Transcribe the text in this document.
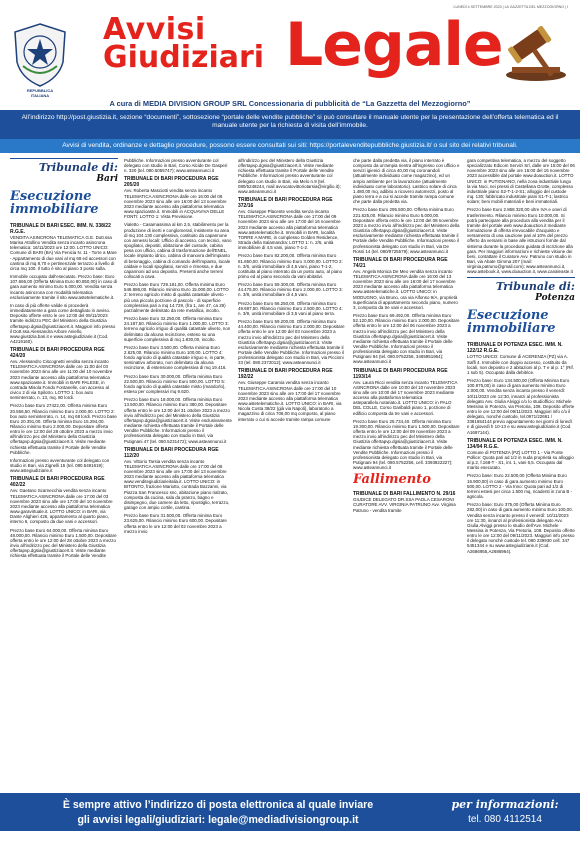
LUNEDÌ 4 SETTEMBRE 2023 | LA GAZZETTA DEL MEZZOGIORNO | I
REPUBBLICA ITALIANA
Avvisi
Giudiziari Legale
A cura di MEDIA DIVISION GROUP SRL Concessionaria di pubblicità de “La Gazzetta del Mezzogiorno”
All’indirizzo http://post.giustizia.it, sezione “documenti”, sottosezione “portale delle vendite pubbliche” si può consultare il manuale utente per la presentazione dell’offerta telematica ed il manuale utente per la richiesta di visita dell’immobile.
Avvisi di vendita, ordinanze e dettaglio procedure, possono essere consultati sui siti: https://portalevenditepubbliche.giustizia.it/ o sul sito dei relativi tribunali.
Tribunale di:
Bari
Esecuzione immobiliare

TRIBUNALE DI BARI ESEC. IMM. N. 338/22 R.G.E.
VENDITA ASINCRONA TELEMATICA G.E. Dott.ssa Marisa Attollino Vendita senza incanto asincrona telematica: 16/11/2023 ore 12:00. LOTTO UNICO: Comune di BARI (BA) Via Fenicia N. 11 - Torre a Mare - Appartamento di due vani al mq 69 ed accessori con cantina di mq 8,70 e pertinenziale terrazzo a livello di circa mq 100. Il tutto è sito al piano 3 posto sulla.

Immobile occupato dall'esecutato. Prezzo base: Euro 107.666,00 (Offerta Minima Euro 80.850,00) in caso di gara aumento minimo Euro 5.000,00. Vendita senza incanto asincrona con modalità telematica esclusivamente tramite il sito www.astetelematiche.it.

In caso di più offerte valide si procederà immediatamente a gara come dettagliato in avviso. Deposito offerte entro le ore 12:00 del 09/11/2023 tramite indirizzo PEC del Ministero della Giustizia offertapvp.dgsia@giustiziacert.it. Maggiori info presso il Dott.ssa Alessandra Arbore Aniello, www.giustizia.bari.it e www.astegiudiziarie.it (Cod. A4219160).

TRIBUNALE DI BARI PROCEDURA RGE 424/20
Avv. Alessandro Ciscognetti vendita senza incanto TELEMATICA ASINCRONA dalle ore 11:00 del 03 novembre 2023 sino alle ore 11:00 del 10 novembre 2023 mediante accesso alla piattaforma telematica www.spazioaste.it. Immobili in BARI PALESE, in contrada Misola Fondo Fontanelle, con accesso al civico 2 di via Spilotro. LOTTO 1: box auto seminterrato, n. 13, mq. 80 lordi.

Prezzo base Euro 27422,00. Offerta minima Euro 20.566,50. Rilancio minimo Euro 2.000,00. LOTTO 2: box auto seminterrato, n. 14, mq 68 lordi. Prezzo base Euro 20.391,00. Offerta minima Euro 15.294,00. Rilancio minimo Euro 2.000,00. Depositare offerta entro le ore 12:00 del 28 ottobre 2023 a mezzo invio all'indirizzo pec del Ministero della Giustizia offertapvp.dgsia@giustiziacert.it. Visite mediante richiesta effettuata tramite il Portale delle Vendite Pubbliche.

Informazioni presso avventurante col delegato con studio in Bari, via Zignelli 15 (tel. 080.5491619); www.astegiudiziarie.it

TRIBUNALE DI BARI PROCEDURA RGE 402/22
Avv. Gaetano Scarnecchia vendita senza incanto TELEMATICA ASINCRONA dalle ore 17:00 del 03 novembre 2023 sino alle ore 17:00 del 10 novembre 2023 mediante accesso alla piattaforma telematica www.garavirtuale.it. LOTTO UNICO: in BARI, via Dante Alighieri 426, appartamento al quarto piano, interno 6, composto da due vani e accessori.

Prezzo base Euro 64.000,00. Offerta minima Euro 48.000,00. Rilancio minimo Euro 1.500,00. Depositare offerta entro le ore 12:00 del 28 ottobre 2023 a mezzo invio all'indirizzo pec del Ministero della Giustizia offertapvp.dgsia@giustiziacert.it. Visite mediante richiesta effettuata tramite il Portale delle Vendite

Pubbliche. Informazioni presso avventurante col delegato con studio in Bari, Corso Alcide De Gasperi n. 320 (tel. 080.5055747); www.asteannunci.it

TRIBUNALE DI BARI PROCEDURA RGE 205/20
Avv. Roberta Masciotti vendita senza incanto TELEMATICA ASINCRONA dalle ore 16:00 del 06 novembre 2023 sino alle ore 16:00 del 13 novembre 2023 mediante accesso alla piattaforma telematica www.spazioaste.it. Immobili in ACQUAVIVA DELLE FONTI: LOTTO 1: Vista Previsione.

Vialetto - Casamassima al km 2,5, stabilimento per la produzione di inerti e conglomerati, insistente su area di mq 104.130 complessiva, costituito da capannone con annessi locali: Ufficio di accesso, con tecnici, vano spogliatoi, depositi, abitazione del custode, cabina pesa con ufficio, cabina di trasformazione dell'ENEL, locale impianto idrico, cabina di manovra dell'impianto di betonaggio, cabina di comando dell'impianto, locale caldaie e locali spogliatoi, servizi e rimessa, e due capannoni ad uso deposito. Presenti anche terreni collocati a cava.

Prezzo base Euro 729.181,00. Offerta minima Euro 546.886,00. Rilancio minimo Euro 15.000,00. LOTTO 2: terreno agricolo misto di qualità catastale uliveto - più una piccola porzione di pascolo - di superficie complessiva pari a mq 14.729, (fra 1, are 47, ca 29) parzialmente delimitato da rete metallica, incolto.

Prezzo base Euro 32.250,00. Offerta minima Euro 24.187,50. Rilancio minimo Euro 1.000,00. LOTTO 3: terreno agricolo irriguo di qualità catastale uliveto, non delimitato da alcuna recinzione, esteso su una superficie complessiva di mq 1.830,00, incolto.

Prezzo base Euro 3.500,00. Offerta minima Euro 2.625,00. Rilancio minimo Euro 100,00. LOTTO 4: fondo agricolo di qualità catastale irriguo e, in parte, seminativo arborato, non delimitato da alcuna recinzione, di estensione complessiva di mq 19.416.

Prezzo base Euro 30.000,00. Offerta minima Euro 22.500,00. Rilancio minimo Euro 500,00. LOTTO 5: fondo agricolo di qualità catastale misto (mandorlo), esteso per complessivi mq 9.620.

Prezzo base Euro 18.000,00. Offerta minima Euro 13.500,00. Rilancio minimo Euro 380,00. Depositare offerta entro le ore 12:00 del 31 ottobre 2023 a mezzo invio all'indirizzo pec del Ministero della Giustizia offertapvp.dgsia@giustiziacert.it. Visite esclusivamente mediante richiesta effettuata tramite il Portale delle Vendite Pubbliche. Informazioni presso il professionista delegato con studio in Bari, via Putignani 47 (tel. 080.5231472); www.asteannunci.it

TRIBUNALE DI BARI PROCEDURA RGE 112/20
Avv. Vittorio Tarsia vendita senza incanto TELEMATICA ASINCRONA dalle ore 17:00 del 06 novembre 2023 sino alle ore 17:00 del 13 novembre 2023 mediante accesso alla piattaforma telematica www.venditegiudiziarieitalia.it. LOTTO UNICO: in BITONTO, frazione Mariotto, contrada Bazzanni, via Piazza San Francesco snc, abitazione piano rialzato, composta da cucina, sala da pranzo, bagno e disimpegno, due camere da letto, ripostiglio, terrazzo, garage con ampio cortile, cantina.

Prezzo base Euro 31.500,00. Offerta minima Euro 23.625,00. Rilancio minimo Euro 600,00. Depositare offerta entro le ore 12:00 del 02 novembre 2023 a mezzo invio

all'indirizzo pec del Ministero della Giustizia offertapvp.dgsia@giustiziacert.it. Visite mediante richiesta effettuata tramite il Portale delle Vendite Pubbliche. Informazioni presso avventurante col delegato con studio in Bari, via Melo n.9 (tel. 080/5248244, mail avvocatovittoriotarsia@virgilio.it); www.asteannunci.it

TRIBUNALE DI BARI PROCEDURA RGE 372/16
Avv. Giuseppe Placente vendita senza incanto TELEMATICA ASINCRONA dalle ore 17:00 del 09 novembre 2023 sino alle ore 17:00 del 16 novembre 2023 mediante accesso alla piattaforma telematica www.astetelematiche.it. Immobili in BARI, località TORRE A MARE, in complesso Golden Residence, Strada della Salamandra: LOTTO 1: n. 2/5, unità immobiliare di 4,5 vani, piano T-1-2.

Prezzo base Euro 82.200,00. Offerta minima Euro 61.650,00. Rilancio minimo Euro 3.000,00. LOTTO 2: n. 3/6, unità immobiliare di 4,5 vani, piano T-1-2, costituita al piano interrato da un posto auto, al piano primo ed al piano secondo da vani abitativi.

Prezzo base Euro 59.300,00. Offerta minima Euro 44.475,00. Rilancio minimo Euro 2.000,00. LOTTO 3: n. 3/8, unità immobiliare di 4,5 vani.

Prezzo base Euro 66.250,00. Offerta minima Euro 49.687,50. Rilancio minimo Euro 2.500,00. LOTTO 4: n. 3/9, unità immobiliare di 3,5 vani al piano terra.

Prezzo base Euro 59.200,00. Offerta minima Euro 44.400,00. Rilancio minimo Euro 2.000,00. Depositare offerta entro le ore 12:00 del 03 novembre 2023 a mezzo invio all'indirizzo pec del Ministero della Giustizia offertapvp.dgsia@giustiziacert.it. Visite esclusivamente mediante richiesta effettuata tramite il Portale delle Vendite Pubbliche. Informazioni presso il professionista delegato con studio in Bari, via Piccinni 33 (tel. 080.2372012); www.asteannunci.it

TRIBUNALE DI BARI PROCEDURA RGE 192/22
Avv. Giuseppe Caramia vendita senza incanto TELEMATICA ASINCRONA dalle ore 17:00 del 10 novembre 2023 sino alle ore 17:00 del 17 novembre 2023 mediante accesso alla piattaforma telematica www.astetelematiche.it. LOTTO UNICO: in BARI, via Nicola Costa 38/22 (già via Napoli), laboratorio a magazzino di circa 706,00 mq composto, al piano interrato o cui si accede tramite rampa comune

che parte dalla predetta via, il piano interrato è composto da un'ampia rientra all'ingresso con ufficio e servizi igienici di circa 40,00 mq coronandoli (attualmente individuato come magazzino), ed un ampio ambiente per la lavorazione (attualmente individuato come laboratorio). Lastrico solare di circa 1.480,00 mq, adibito a ricovero automezzi, posto al piano terra e a cui si accede tramite rampa comune che parte dalla predetta via.

Prezzo base Euro 295.500,00. Offerta minima Euro 221.625,00. Rilancio minimo Euro 5.000,00. Depositare offerta entro le ore 12:00 del 08 novembre 2023 a mezzo invio all'indirizzo pec del Ministero della Giustizia offertapvp.dgsia@giustiziacert.it. Visite esclusivamente mediante richiesta effettuata tramite il Portale delle Vendite Pubbliche. Informazioni presso il professionista delegato con studio in Bari, via De Rossi 14 (tel. 080/9725579); www.asteannunci.it

TRIBUNALE DI BARI PROCEDURA RGE 74/21
Avv. Angela Monica De Meo vendita senza incanto TELEMATICA ASINCRONA dalle ore 16:00 del 13 novembre 2023 sino alle ore 16:00 del 17 novembre 2023 mediante accesso alla piattaforma telematica www.astetelematiche.it. LOTTO UNICO: in MODUGNO, via Bruno, ora via Alfonso 9/A, proprietà superficiaria di appartamento secondo piano, numero 3, composto da tre vani e accessori.

Prezzo base Euro 69.492,00. Offerta minima Euro 52.120,00. Rilancio minimo Euro 2.000,00. Depositare offerta entro le ore 12:00 del 06 novembre 2023 a mezzo invio all'indirizzo pec del Ministero della Giustizia offertapvp.dgsia@giustiziacert.it. Visite mediante richiesta effettuata tramite il Portale delle Vendite Pubbliche. Informazioni presso il professionista delegato con studio in Bari, via Putignani 94 (tel. 080.9752256, 3465951964); www.asteannunci.it

TRIBUNALE DI BARI PROCEDURA RGE 1193/14
Avv. Laura Ricci vendita senza incanto TELEMATICA ASINCRONA dalle ore 10:00 del 10 novembre 2023 sino alle ore 10:00 del 17 novembre 2023 mediante accesso alla piattaforma telematica asteparallelo.notariato.it. LOTTO UNICO: in PALO DEL COLLE, Corso Garibaldi piano 1, porzione di edificio composta da tre vani e accessori.

Prezzo base Euro 25.734,40. Offerta minima Euro 19.300,00. Rilancio minimo Euro 1.500,00. Depositare offerta entro le ore 12:00 del 09 novembre 2023 a mezzo invio all'indirizzo pec del Ministero della Giustizia offertapvp.dgsia@giustiziacert.it. Visite mediante richiesta effettuata tramite il Portale delle Vendite Pubbliche. Informazioni presso il professionista delegato con studio in Bari, via Putignani 94 (tel. 080.5752256, cell. 3393822227); www.asteannunci.it

Fallimento

TRIBUNALE DI BARI FALLIMENTO N. 29/16
GIUDICE DELEGATO DR.SSA PAOLA CESARONI CURATORE AVV. VIRGINIA PATRUNO Avv. Virginia Patruno - vendita tramite

gara competitiva telematica, a mezzo del soggetto specializzato Edicom Servizi Srl, dalle ore 15:00 del 06 novembre 2023 sino alle ore 15:00 del 16 novembre 2023 accessibile dal portale www.doauction.it. LOTTO UNICO: in PUTIGNANO, nella zona industriale lungo la via Noci, nei pressi di Castellana Grotte, complesso industriale piano S2-T-1-2-S1; alloggio del custode mq. 130; fabbricato industriale piani S1-T-1; lastrico solare; beni mobili materiali e beni immateriali.

Prezzo base Euro 2.868.320,00 oltre IVA e oneri di trasferimento. Rilancio minimo Euro 10.000,00. Si potrà partecipare alla procedura alla vendita per il tramite del portale web www.doauction.it mediante formulazione di offerta irrevocabile d'acquisto e versamento di una cauzione pari al 10% del prezzo offerto da versarsi in base alle istruzioni fornite dal sistema durante la procedura guidata di iscrizione alla gara. Per maggiori informazioni e richieste visione dei beni, contattare il Curatore Avv. Patruno con studio in Bari, via Abate Gimma 207 (mail: virginia.patruno@gmail.com); www.asteannunci.it, www.astebook.it, www.doauction.it, www.canaleaste.it

Tribunale di:
Potenza
Esecuzione immobiliare

TRIBUNALE DI POTENZA ESEC. IMM. N. 122/12 R.G.E.
LOTTO UNICO: Comune di ACERENZA (PZ) via A. Saffi 4. Immobile con doppio accesso, costituito da locali, non deposito e 2 abitazioni al p. T e al p. 1° (Rif. 1 sub 5). Occupato dalla debitrice.

Prezzo base: Euro 134.500,00 (Offerta Minima Euro 100.875,00) in caso di gara aumento minimo Euro 2.000,00. Vendita senza incanto presso il venerdì: 10/11/2023 ore 12:30, innanzi al professionista delegato Avv. Giulia Alviggi c/o lo studiofficio: Michele Messina in Potenza, via Pretoria, 108. Deposito offerte entro le ore 12:00 del 09/11/2023. Maggiori info c/o il delegato, nonché custode, tel.0971/22661 / 3381654144 previo appuntamento nei giorni di lunedì e di giovedì h 10-13 e su www.astegiudiziarie.it (Cod. A1697144).

TRIBUNALE DI POTENZA ESEC. IMM. N. 134/94 R.G.E.
Comune di POTENZA (PZ) LOTTO 1 - Via Ponte Pollice: Quota pari ad 1/2 in nuda proprietà su alloggio al p.2, f.168-T - S1, int. 1, vani 6,5. Occupato dal marito esecutato.

Prezzo base: Euro 22.500,00 (Offerta Minima Euro 16.900,00) in caso di gara aumento minimo Euro 500,00. LOTTO 2 - Via Inno: Quota pari ad 1/2 di terreni estesi per circa 1.500 mq, ricadenti in zona B - agricola.

Prezzo base: Euro 375,00 (Offerta Minima Euro 282,00) in caso di gara aumento minimo Euro 100,00. Vendita senza incanto presso il venerdì: 10/11/2023 ore 11:30, innanzi al professionista delegato Avv. Giulia Alviggi presso lo studio dell'Avv. Michele Messina in Potenza, Via Pretoria, 108. Deposito offerte entro le ore 12:00 del 09/11/2023. Maggiori info presso il delegato nonché custode tel. 080 239930 cell. 347 5451344 e su www.astegiudiziarie.it (Cod. A2686955,A2686964).

È sempre attivo l’indirizzo di posta elettronica al quale inviare
gli avvisi legali/giudiziari: legale@mediadivisiongroup.it
per informazioni:
tel. 080 4112514
